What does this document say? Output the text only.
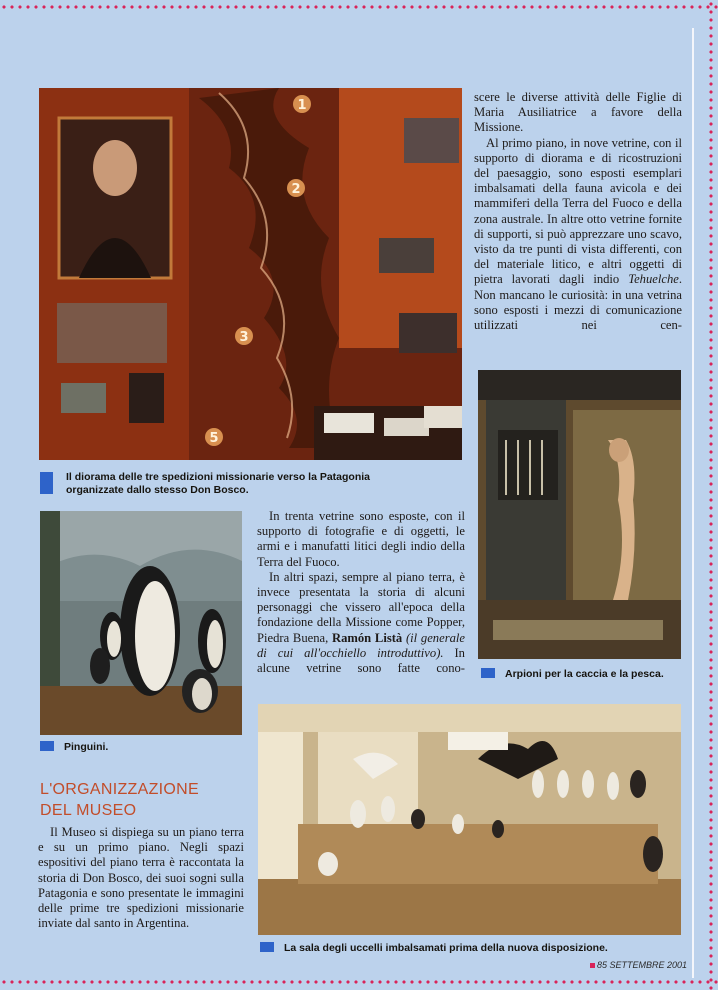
1
2
3
5
Il diorama delle tre spedizioni missionarie verso la Patagonia
organizzate dallo stesso Don Bosco.

scere le diverse attività delle Figlie di Maria Ausiliatrice a favore della Missione.

Al primo piano, in nove vetrine, con il supporto di diorama e di ricostruzioni del paesaggio, sono esposti esemplari imbalsamati della fauna avicola e dei mammiferi della Terra del Fuoco e della zona australe. In altre otto vetrine fornite di supporti, si può apprezzare uno scavo, visto da tre punti di vista differenti, con del materiale litico, e altri oggetti di pietra lavorati dagli indio Tehuelche. Non mancano le curiosità: in una vetrina sono esposti i mezzi di comunicazione utilizzati nei cen-

Arpioni per la caccia e la pesca.
Pinguini.

In trenta vetrine sono esposte, con il supporto di fotografie e di oggetti, le armi e i manufatti litici degli indio della Terra del Fuoco.

In altri spazi, sempre al piano terra, è invece presentata la storia di alcuni personaggi che vissero all'epoca della fondazione della Missione come Popper, Piedra Buena, Ramón Listà (il generale di cui all'occhiello introduttivo). In alcune vetrine sono fatte cono-

L'ORGANIZZAZIONE
DEL MUSEO

Il Museo si dispiega su un piano terra e su un primo piano. Negli spazi espositivi del piano terra è raccontata la storia di Don Bosco, dei suoi sogni sulla Patagonia e sono presentate le immagini delle prime tre spedizioni missionarie inviate dal santo in Argentina.

La sala degli uccelli imbalsamati prima della nuova disposizione.
85 SETTEMBRE 2001
